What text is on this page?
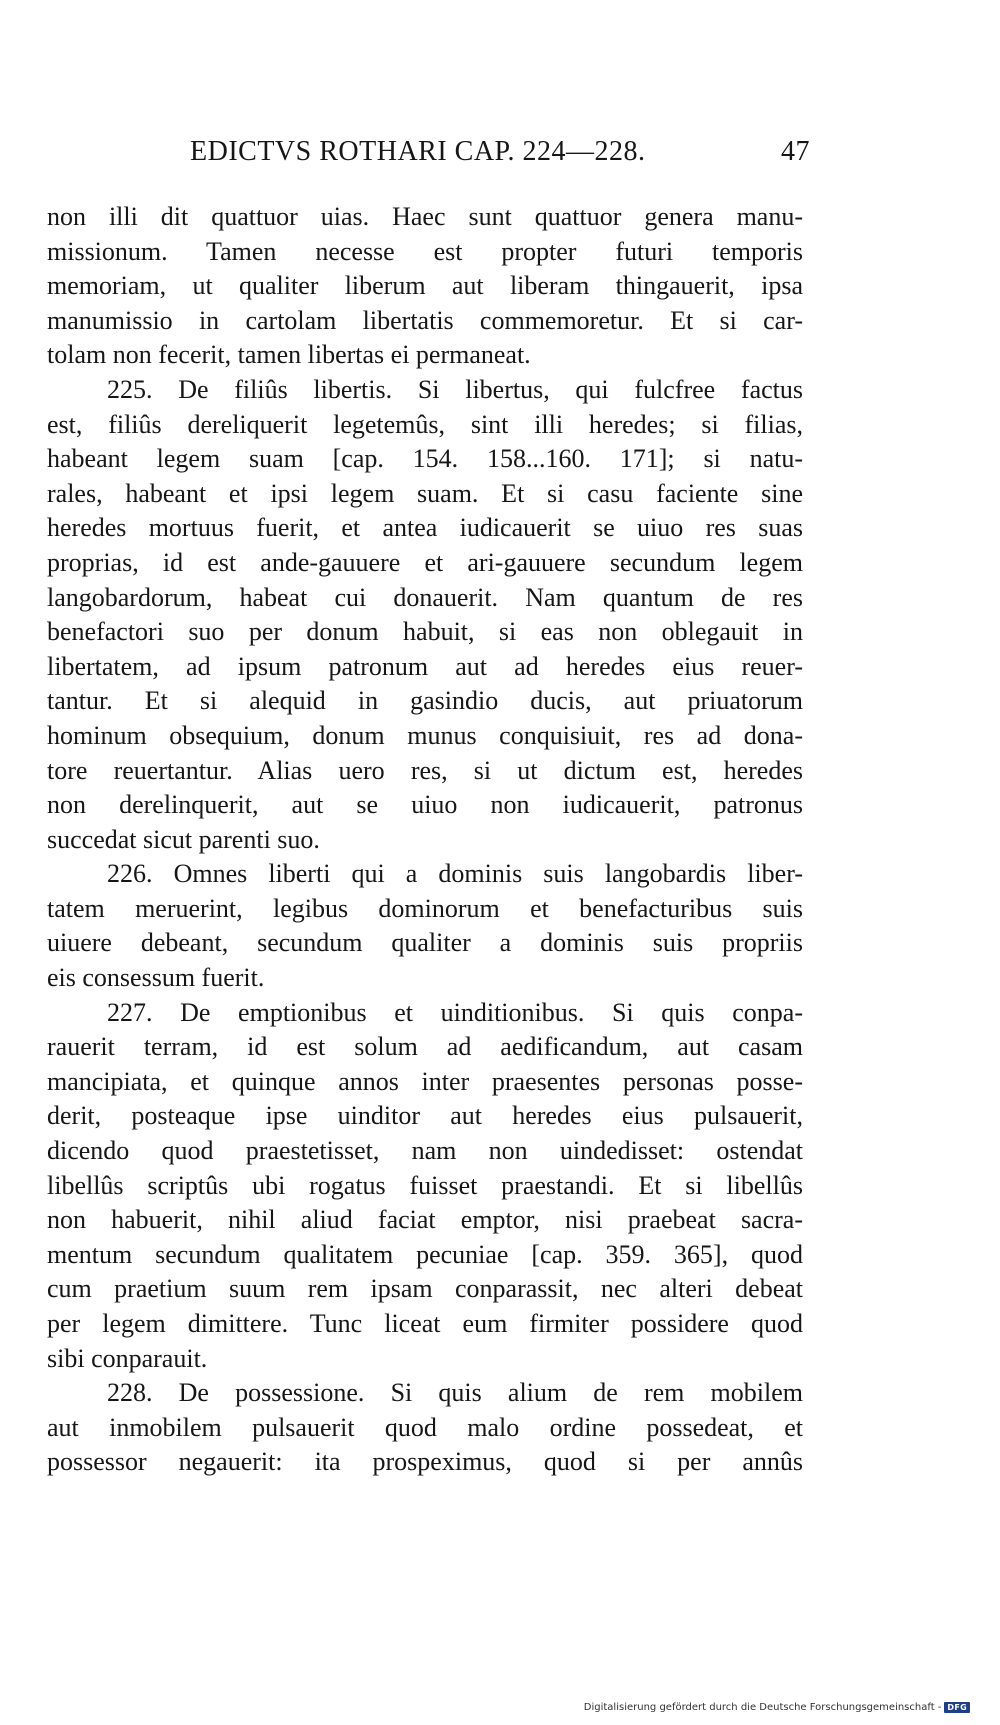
EDICTVS ROTHARI CAP. 224—228.	47
non illi dit quattuor uias. Haec sunt quattuor genera manu-
missionum. Tamen necesse est propter futuri temporis
memoriam, ut qualiter liberum aut liberam thingauerit, ipsa
manumissio in cartolam libertatis commemoretur. Et si car-
tolam non fecerit, tamen libertas ei permaneat.
225. De filiûs libertis. Si libertus, qui fulcfree factus
est, filiûs dereliquerit legetemûs, sint illi heredes; si filias,
habeant legem suam [cap. 154. 158...160. 171]; si natu-
rales, habeant et ipsi legem suam. Et si casu faciente sine
heredes mortuus fuerit, et antea iudicauerit se uiuo res suas
proprias, id est ande-gauuere et ari-gauuere secundum legem
langobardorum, habeat cui donauerit. Nam quantum de res
benefactori suo per donum habuit, si eas non oblegauit in
libertatem, ad ipsum patronum aut ad heredes eius reuer-
tantur. Et si alequid in gasindio ducis, aut priuatorum
hominum obsequium, donum munus conquisiuit, res ad dona-
tore reuertantur. Alias uero res, si ut dictum est, heredes
non derelinquerit, aut se uiuo non iudicauerit, patronus
succedat sicut parenti suo.
226. Omnes liberti qui a dominis suis langobardis liber-
tatem meruerint, legibus dominorum et benefacturibus suis
uiuere debeant, secundum qualiter a dominis suis propriis
eis consessum fuerit.
227. De emptionibus et uinditionibus. Si quis conpa-
rauerit terram, id est solum ad aedificandum, aut casam
mancipiata, et quinque annos inter praesentes personas posse-
derit, posteaque ipse uinditor aut heredes eius pulsauerit,
dicendo quod praestetisset, nam non uindedisset: ostendat
libellûs scriptûs ubi rogatus fuisset praestandi. Et si libellûs
non habuerit, nihil aliud faciat emptor, nisi praebeat sacra-
mentum secundum qualitatem pecuniae [cap. 359. 365], quod
cum praetium suum rem ipsam conparassit, nec alteri debeat
per legem dimittere. Tunc liceat eum firmiter possidere quod
sibi conparauit.
228. De possessione. Si quis alium de rem mobilem
aut inmobilem pulsauerit quod malo ordine possedeat, et
possessor negauerit: ita prospeximus, quod si per annûs
Digitalisierung gefördert durch die Deutsche Forschungsgemeinschaft - DFG
